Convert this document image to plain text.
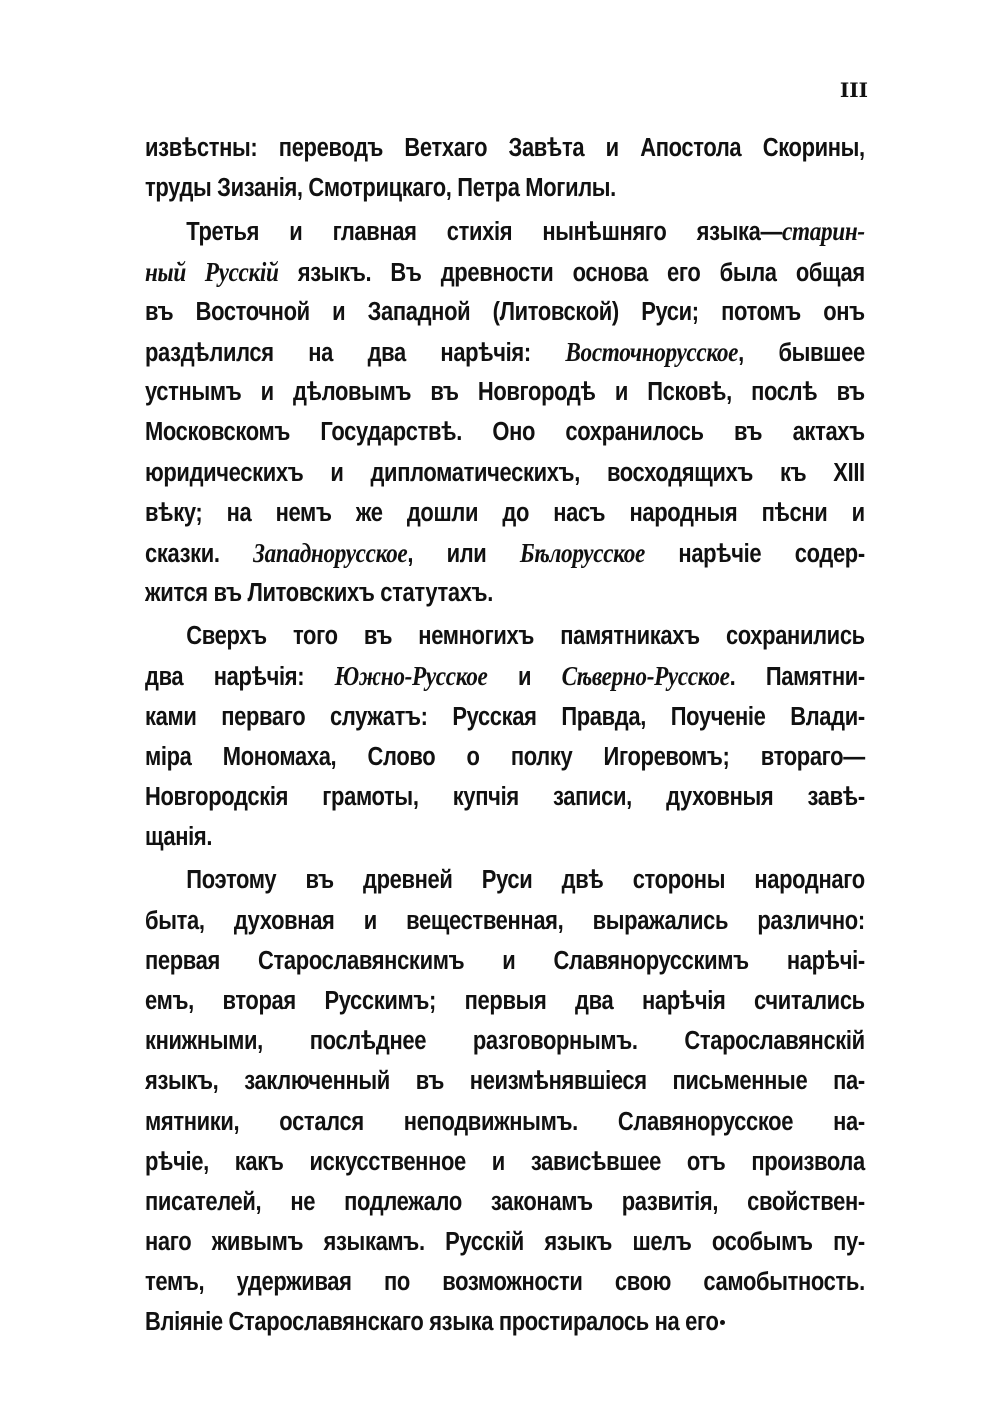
III
извѣстны: переводъ Ветхаго Завѣта и Апостола Скорины,
труды Зизанія, Смотрицкаго, Петра Могилы.
Третья и главная стихія нынѣшняго языка—старин-
ный Русскій языкъ. Въ древности основа его была общая
въ Восточной и Западной (Литовской) Руси; потомъ онъ
раздѣлился на два нарѣчія: Восточнорусское, бывшее
устнымъ и дѣловымъ въ Новгородѣ и Псковѣ, послѣ въ
Московскомъ Государствѣ. Оно сохранилось въ актахъ
юридическихъ и дипломатическихъ, восходящихъ къ XIII
вѣку; на немъ же дошли до насъ народныя пѣсни и
сказки. Западнорусское, или Бѣлорусское нарѣчіе содер-
жится въ Литовскихъ статутахъ.
Сверхъ того въ немногихъ памятникахъ сохранились
два нарѣчія: Южно-Русское и Сѣверно-Русское. Памятни-
ками перваго служатъ: Русская Правда, Поученіе Влади-
міра Мономаха, Слово о полку Игоревомъ; втораго—
Новгородскія грамоты, купчія записи, духовныя завѣ-
щанія.
Поэтому въ древней Руси двѣ стороны народнаго
быта, духовная и вещественная, выражались различно:
первая Старославянскимъ и Славянорусскимъ нарѣчі-
емъ, вторая Русскимъ; первыя два нарѣчія считались
книжными, послѣднее разговорнымъ. Старославянскій
языкъ, заключенный въ неизмѣнявшіеся письменные па-
мятники, остался неподвижнымъ. Славянорусское на-
рѣчіе, какъ искусственное и зависѣвшее отъ произвола
писателей, не подлежало законамъ развитія, свойствен-
наго живымъ языкамъ. Русскій языкъ шелъ особымъ пу-
темъ, удерживая по возможности свою самобытность.
Вліяніе Старославянскаго языка простиралось на его
